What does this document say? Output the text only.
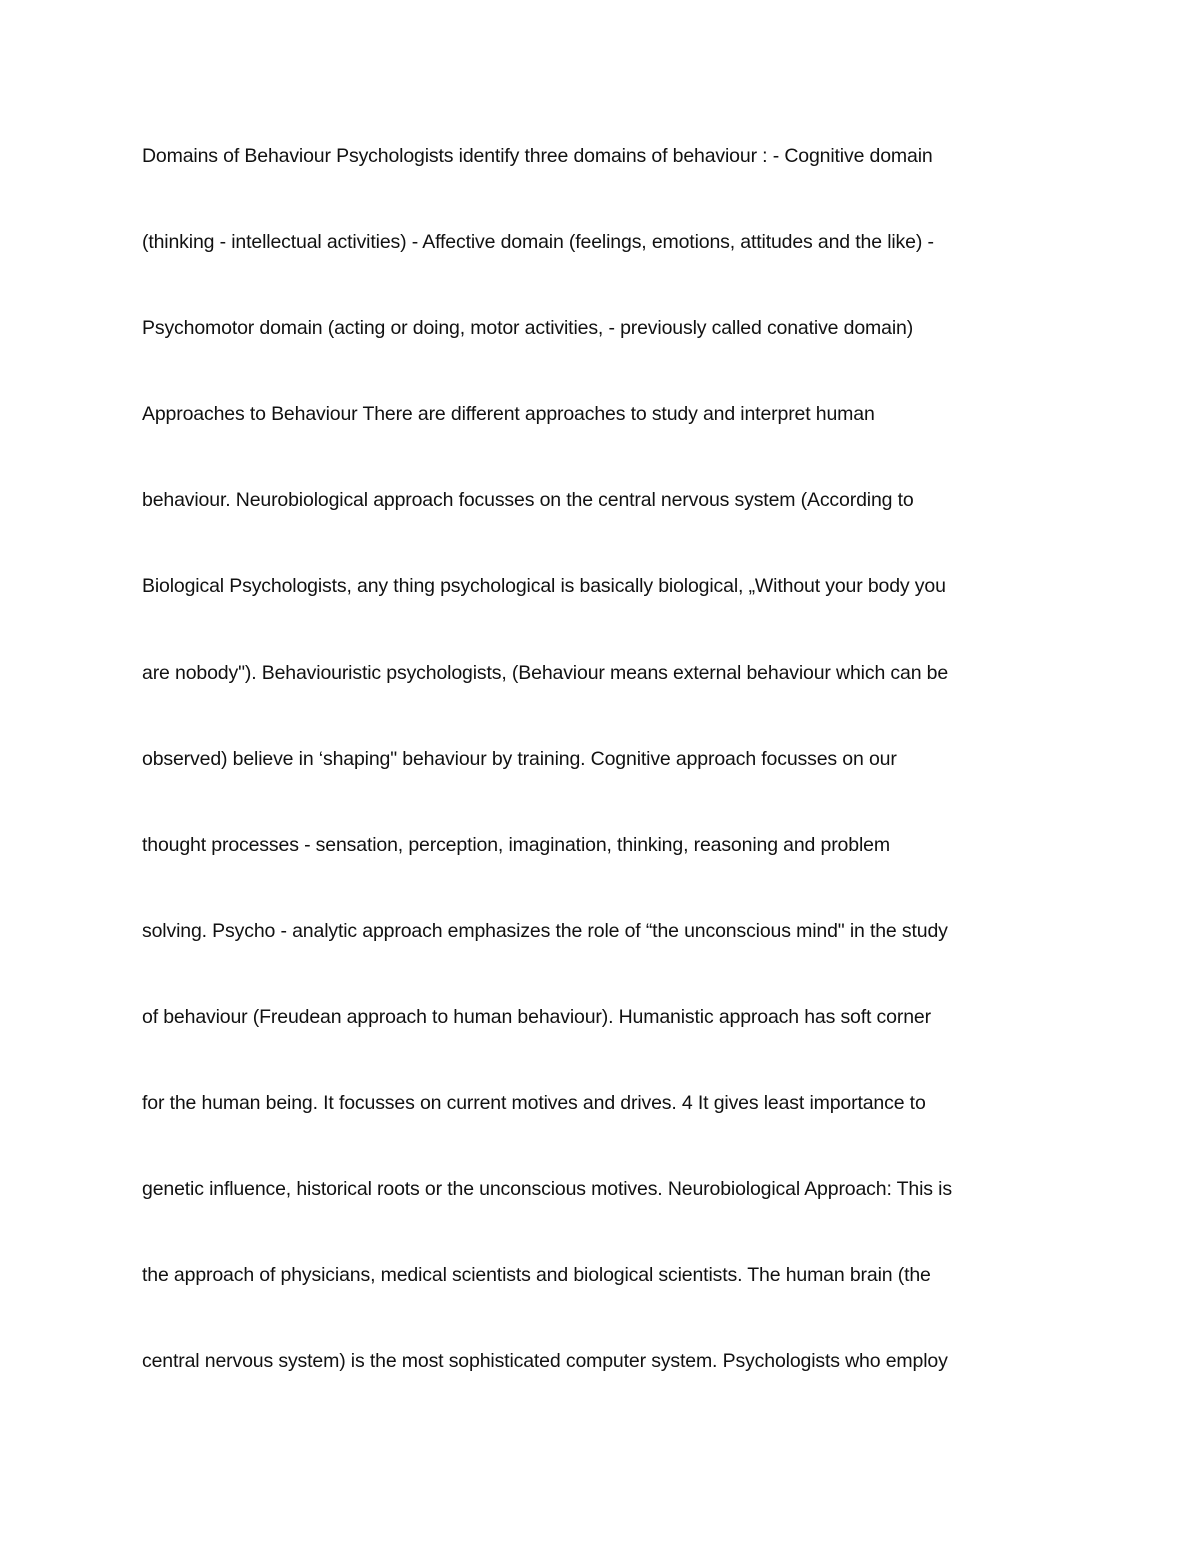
Domains of Behaviour Psychologists identify three domains of behaviour : - Cognitive domain
(thinking - intellectual activities) - Affective domain (feelings, emotions, attitudes and the like) -
Psychomotor domain (acting or doing, motor activities, - previously called conative domain)
Approaches to Behaviour There are different approaches to study and interpret human
behaviour. Neurobiological approach focusses on the central nervous system (According to
Biological Psychologists, any thing psychological is basically biological, „Without your body you
are nobody"). Behaviouristic psychologists, (Behaviour means external behaviour which can be
observed) believe in ‘shaping" behaviour by training. Cognitive approach focusses on our
thought processes - sensation, perception, imagination, thinking, reasoning and problem
solving. Psycho - analytic approach emphasizes the role of “the unconscious mind" in the study
of behaviour (Freudean approach to human behaviour). Humanistic approach has soft corner
for the human being. It focusses on current motives and drives. 4 It gives least importance to
genetic influence, historical roots or the unconscious motives. Neurobiological Approach: This is
the approach of physicians, medical scientists and biological scientists. The human brain (the
central nervous system) is the most sophisticated computer system. Psychologists who employ
